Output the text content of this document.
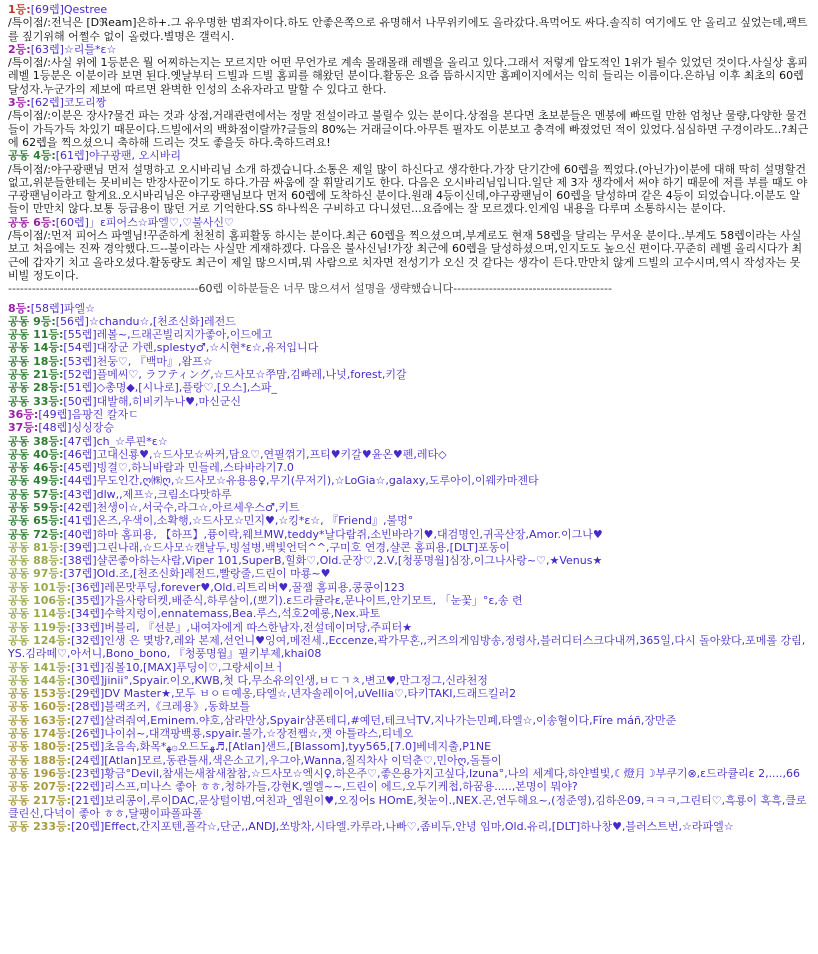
1등:[69렙]Qestree
/특이점/:전닉은 [Dℜeam]은하+.그 유우명한 범죄자이다.하도 안좋은쪽으로 유명해서 나무위키에도 올라갔다.욕먹어도 싸다.솔직히 여기에도 안 올리고 싶었는데,팩트를 짚기위해 어쩔수 없이 올렸다.별명은 갤럭시.
2등:[63렙]☆리틀*ε☆
/특이점/:사실 위에 1등분은 뭘 어찌하는지는 모르지만 어떤 무언가로 계속 몰래몰래 레벨을 올리고 있다.그래서 저렇게 압도적인 1위가 될수 있었던 것이다.사실상 홈피 레벨 1등분은 이분이라 보면 된다.옛날부터 드빌과 드빌 홈피를 해왔던 분이다.활동은 요즘 뜸하시지만 홈페이지에서는 익히 들리는 이름이다.은하님 이후 최초의 60렙 달성자.누군가의 제보에 따르면 완벽한 인성의 소유자라고 말할 수 있다고 한다.
3등:[62렙]코도리짱
/특이점/:이분은 장사?물건 파는 것과 상점,거래관련에서는 정말 전설이라고 불릴수 있는 분이다.상점을 본다면 초보분들은 멘붕에 빠뜨릴 만한 엄청난 물량,다양한 물건들이 가득가득 차있기 때문이다.드빌에서의 백화점이랄까?글들의 80%는 거래글이다.아무튼 필자도 이분보고 충격에 빠졌었던 적이 있었다.심심하면 구경이라도..?최근에 62렙을 찍으셨으니 축하해 드리는 것도 좋을듯 하다.축하드려요!
공동 4등:[61렙]야구광팬, 오시바리
/특이점/:야구광팬님 먼저 설명하고 오시바리님 소개 하겠습니다.소통은 제일 많이 하신다고 생각한다.가장 단기간에 60렙을 찍었다.(아닌가)이분에 대해 딱히 설명할건 없고,위분들한테는 못비비는 반장사꾼이기도 하다.가끔 싸움에 잘 휘말리기도 한다. 다음은 오시바리님입니다.일단 제 3자 생각에서 써야 하기 때문에 저를 부를 때도 야구광팬님이라고 할게요.오시바리님은 야구광팬님보다 먼저 60렙에 도착하신 분이다.원래 4등이신데,야구광팬님이 60렙을 달성하며 같은 4등이 되었습니다.이분도 알들이 만만치 않다.보통 등급용이 많던 거로 기억한다.SS 하나씩은 구비하고 다니셨던...요즘에는 잘 모르겠다.인게임 내용을 다루며 소통하시는 분이다.
공동 6등:[60렙]」ε피어스☆파엘♡,♡불사신♡
/특이점/:먼저 피어스 파엘님!꾸준하게 천천히 홈피활동 하시는 분이다.최근 60렙을 찍으셨으며,부계로도 현재 58렙을 달리는 무서운 분이다..부계도 58렙이라는 사실 보고 처음에는 진짜 경악했다.드--불이라는 사실만 게재하겠다. 다음은 불사신님!가장 최근에 60렙을 달성하셨으며,인지도도 높으신 편이다.꾸준히 레벨 올리시다가 최근에 갑자기 치고 올라오셨다.활동량도 최근이 제일 많으시며,뭐 사람으로 치자면 전성기가 오신 것 같다는 생각이 든다.만만치 않게 드빌의 고수시며,역시 작성자는 못 비빌 정도이다.
------------------------------------------------60렙 이하분들은 너무 많으셔서 설명을 생략했습니다----------------------------------------
8등:[58렙]파엘☆
공동 9등:[56렙]☆chandu☆,[천조신화]레전드
공동 11등:[55렙]레볼~,드래곤빌리지가좋아,이드에고
공동 14등:[54렙]대장군 가렌,splesty♂,☆시현*ε☆,유저입니다
공동 18등:[53렙]천둥♡, 『백마』,왐프☆
공동 21등:[52렙]플메씨♡, ラフティング,☆드사모☆쭈맘,김빠레,나넛,forest,키갈
공동 28등:[51렙]◇총명◆,[시나로],플랑♡,[오스],스파_
공동 33등:[50렙]대발해,히비키누나♥,마신군신
36등:[49렙]음팡진 칼자ㄷ
37등:[48렙]싱싱장승
공동 38등:[47렙]ch_☆루핀*ε☆
공동 40등:[46렙]고대신룡♥,☆드사모☆싸커,담요♡,연필꺾기,프티♥키갈♥윤온♥펜,레타◇
공동 46등:[45렙]빙결♡,하늬바람과 민들레,스타바라기7.0
공동 49등:[44렙]무도인간,ღ㈱ღ,☆드사모☆유용용♀,무기(무저기),☆LoGia☆,galaxy,도루아이,이웨카마젠타
공동 57등:[43렙]dlw,,제프☆,크림소다맛하루
공동 59등:[42렙]천생이☆,서국수,라그☆,아르세우스♂,키트
공동 65등:[41렙]온즈,우색이,소확행,☆드사모☆민지♥,☆킹*ε☆, 『Friend』,불멍°
공동 72등:[40렙]하마 홈피용, 【하프】,퓽이락,웨브MW,teddy*날다람쥐,소빈바라기♥,대검명인,귀곡산장,Amor.이그나♥
공동 81등:[39렙]그린나래,☆드사모☆캔날두,빙설병,백빛언덕^^,구미호 연경,샬콘 홈피용,[DLT]포동이
공동 88등:[38렙]샬콘좋아하는사람,Viper 101,SuperB,힐화♡,Old.군장♡,2.V,[청풍명월]심장,이그나사랑~♡,★Venus★
공동 97등:[37렙]Old.조,[천조신화]레전드,빨랑줄,드린이 마룡~♥
공동 101등:[36렙]레몬맛푸딩,forever♥,Old.리트리버♥,꿀잼 홈피용,콩콩이123
공동 106등:[35렙]가을사랑터켓,배준식,하루살이,(뽀기).ε드라큘라ε,문나이트,안기모트, 「눈꽃」°ε,송 련
공동 114등:[34렙]수학지렁이,ennatemass,Bea.루스,석호2예롱,Nex.파토
공동 119등:[33렙]버블리, 『선분』,내여자에게 따스한남자,전설데이머당,주피터★
공동 124등:[32렙]인생 은 몇방?,레와 본제,선언니♥잉여,메전세.,Eccenze,곽가무혼,,커즈의게임방송,정령사,블러디터스크다내꺼,365일,다시 돌아왔다,포메롤 강림,YS.김라떼♡,아서니,Bono_bono, 『청풍명월』필키부제,khai08
공동 141등:[31렙]짐볼10,[MAX]푸딩이♡,그랑세이브ㅓ
공동 144등:[30렙]jinii°,Spyair.이오,KWB,첫 다,무소유의인생,ㅂㄷㄱㅊ,변고♥,만그정그,신라천정
공동 153등:[29렙]DV Master★,모두 ㅂㅇㅌ예옹,타엘☆,년자솔레이어,uVellia♡,타키TAKI,드래드킬러2
공동 160등:[28렙]블랙조커,《크레용》,동화보틀
공동 163등:[27렙]살려줘여,Eminem.야호,삼라만상,Spyair샴폰테디,#예던,테크닉TV,지나가는민폐,타엘☆,이송혈이다,Fĭre máñ,장만준
공동 174등:[26렙]나이쉬~,대객팡백룡,spyair.불가,☆장전쨈☆,잿 아틀라스,티네오
공동 180등:[25렙]초음속,화목*ﻬ۞오드도ﻬ♬,[Atlan]샌드,[Blassom],tyy565,[7.0]베네지출,P1NE
공동 188등:[24렙][Atlan]모르,동관틀새,색은소고기,우그아,Wanna,칠직차사 이덕춘♡,민아ღ,돌틀이
공동 196등:[23렙]황금°Devil,참새는새참새참참,☆드사모☆엑시♀,하은주♡,좋은용가지고싶다,Izuna°,나의 세계다,하얀별빛,☾燈月☽부쿠기⊗,ε드라큘리ε 2,....,66
공동 207등:[22렙]리스프,미나스 좋아 ㅎㅎ,청하가들,강현K,엘엘~~,드린이 에드,오두기케첩,하꿈용.....,본명이 뭐야?
공동 217등:[21렙]보리콩이,루이DAC,문상털이범,여친과_엠원이♥,오징어s HOmE,첫눈이.,NEX.곤,연두해요~,(정준영),김하은09,ㅋㅋㅋ,그린티♡,흑룡이 혹흑,클로클린신,다넉이 좋아 ㅎㅎ,달팽이파폴파폴
공동 233등:[20렙]Effect,간지포텐,폴각☆,단군,,ANDJ,쏘방차,시타엘.카루라,나빠♡,좀비두,안녕 임마,Old.유리,[DLT]하나창♥,블러스트번,☆라파엘☆
